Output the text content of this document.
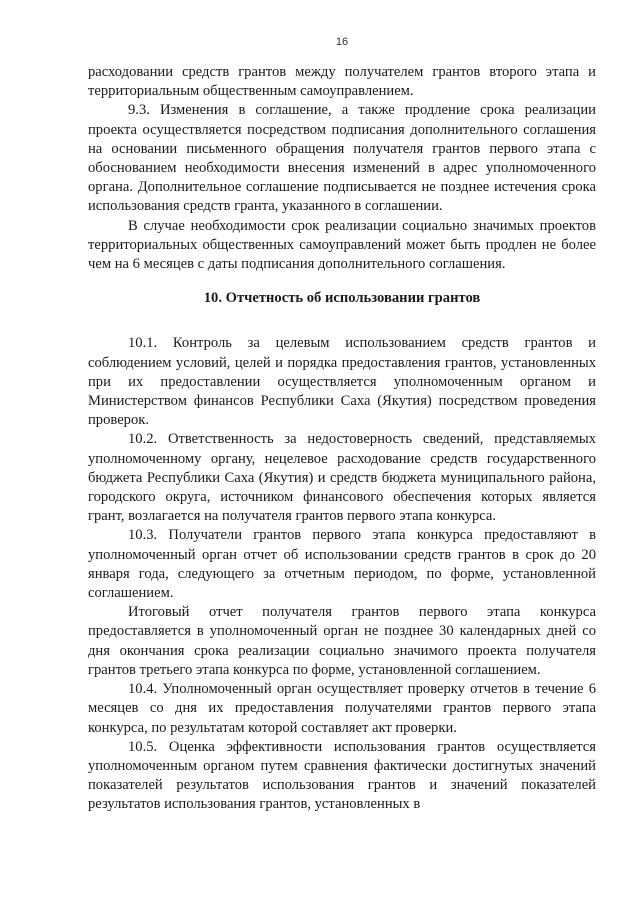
16

расходовании средств грантов между получателем грантов второго этапа и территориальным общественным самоуправлением.

9.3. Изменения в соглашение, а также продление срока реализации проекта осуществляется посредством подписания дополнительного соглашения на основании письменного обращения получателя грантов первого этапа с обоснованием необходимости внесения изменений в адрес уполномоченного органа. Дополнительное соглашение подписывается не позднее истечения срока использования средств гранта, указанного в соглашении.

В случае необходимости срок реализации социально значимых проектов территориальных общественных самоуправлений может быть продлен не более чем на 6 месяцев с даты подписания дополнительного соглашения.

10. Отчетность об использовании грантов

10.1. Контроль за целевым использованием средств грантов и соблюдением условий, целей и порядка предоставления грантов, установленных при их предоставлении осуществляется уполномоченным органом и Министерством финансов Республики Саха (Якутия) посредством проведения проверок.

10.2. Ответственность за недостоверность сведений, представляемых уполномоченному органу, нецелевое расходование средств государственного бюджета Республики Саха (Якутия) и средств бюджета муниципального района, городского округа, источником финансового обеспечения которых является грант, возлагается на получателя грантов первого этапа конкурса.

10.3. Получатели грантов первого этапа конкурса предоставляют в уполномоченный орган отчет об использовании средств грантов в срок до 20 января года, следующего за отчетным периодом, по форме, установленной соглашением.

Итоговый отчет получателя грантов первого этапа конкурса предоставляется в уполномоченный орган не позднее 30 календарных дней со дня окончания срока реализации социально значимого проекта получателя грантов третьего этапа конкурса по форме, установленной соглашением.

10.4. Уполномоченный орган осуществляет проверку отчетов в течение 6 месяцев со дня их предоставления получателями грантов первого этапа конкурса, по результатам которой составляет акт проверки.

10.5. Оценка эффективности использования грантов осуществляется уполномоченным органом путем сравнения фактически достигнутых значений показателей результатов использования грантов и значений показателей результатов использования грантов, установленных в
